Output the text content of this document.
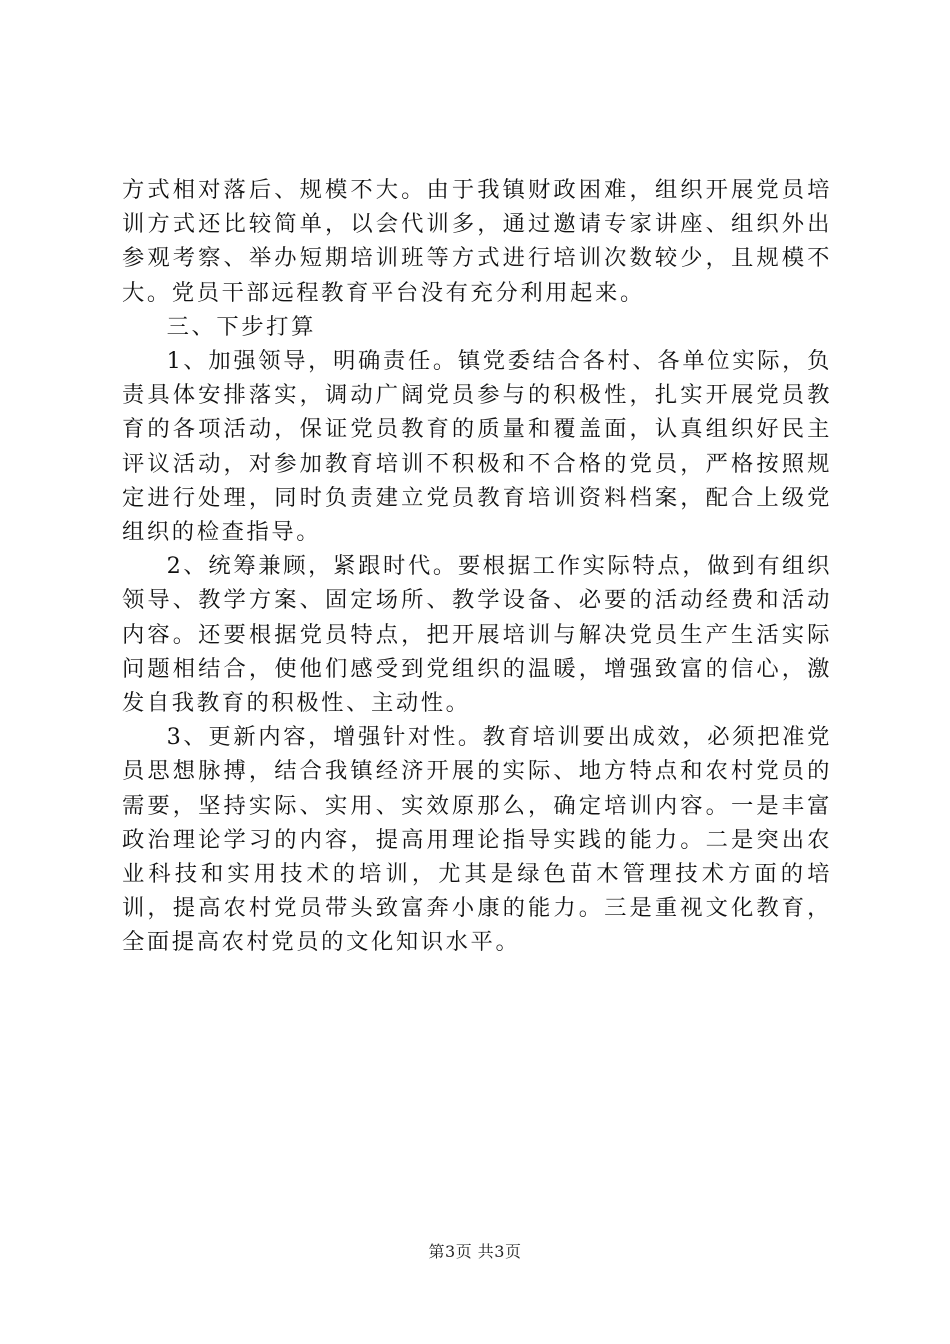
方式相对落后、规模不大。由于我镇财政困难，组织开展党员培训方式还比较简单，以会代训多，通过邀请专家讲座、组织外出参观考察、举办短期培训班等方式进行培训次数较少，且规模不大。党员干部远程教育平台没有充分利用起来。

三、下步打算

1、加强领导，明确责任。镇党委结合各村、各单位实际，负责具体安排落实，调动广阔党员参与的积极性，扎实开展党员教育的各项活动，保证党员教育的质量和覆盖面，认真组织好民主评议活动，对参加教育培训不积极和不合格的党员，严格按照规定进行处理，同时负责建立党员教育培训资料档案，配合上级党组织的检查指导。

2、统筹兼顾，紧跟时代。要根据工作实际特点，做到有组织领导、教学方案、固定场所、教学设备、必要的活动经费和活动内容。还要根据党员特点，把开展培训与解决党员生产生活实际问题相结合，使他们感受到党组织的温暖，增强致富的信心，激发自我教育的积极性、主动性。

3、更新内容，增强针对性。教育培训要出成效，必须把准党员思想脉搏，结合我镇经济开展的实际、地方特点和农村党员的需要，坚持实际、实用、实效原那么，确定培训内容。一是丰富政治理论学习的内容，提高用理论指导实践的能力。二是突出农业科技和实用技术的培训，尤其是绿色苗木管理技术方面的培训，提高农村党员带头致富奔小康的能力。三是重视文化教育，全面提高农村党员的文化知识水平。

第3页 共3页
